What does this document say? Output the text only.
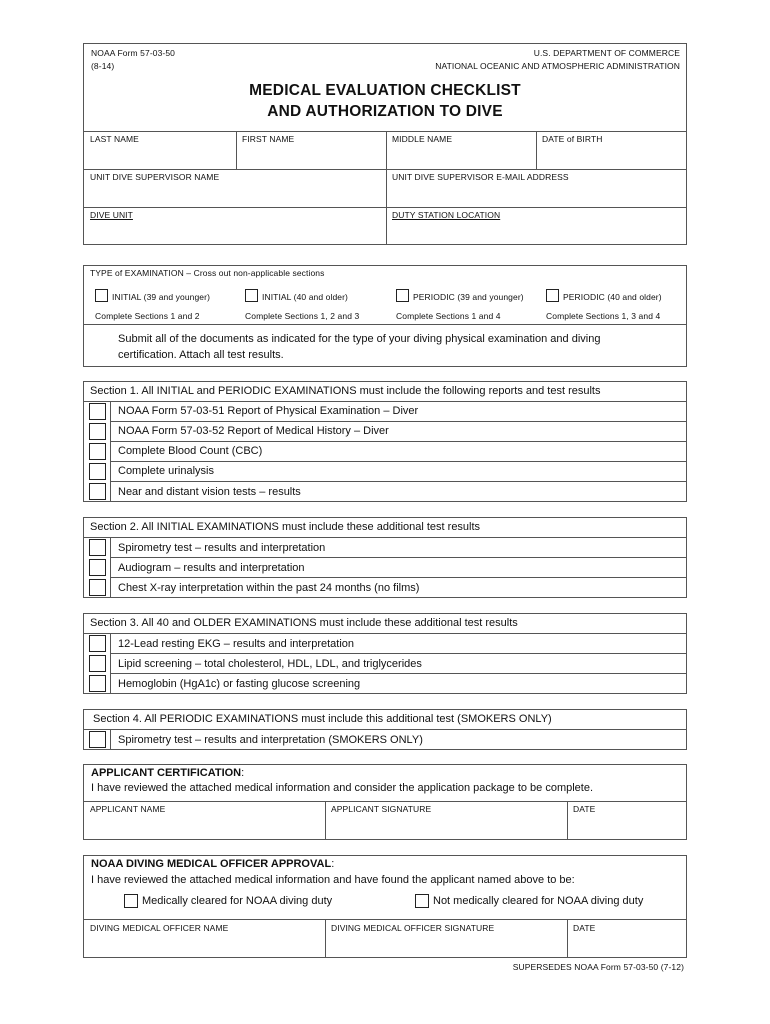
NOAA Form 57-03-50
(8-14)
U.S. DEPARTMENT OF COMMERCE
NATIONAL OCEANIC AND ATMOSPHERIC ADMINISTRATION
MEDICAL EVALUATION CHECKLIST
AND AUTHORIZATION TO DIVE
LAST NAME	FIRST NAME	MIDDLE NAME	DATE of BIRTH
UNIT DIVE SUPERVISOR NAME	UNIT DIVE SUPERVISOR E-MAIL ADDRESS
DIVE UNIT	DUTY STATION LOCATION
TYPE of EXAMINATION – Cross out non-applicable sections
INITIAL (39 and younger)
Complete Sections 1 and 2
INITIAL (40 and older)
Complete Sections 1, 2 and 3
PERIODIC (39 and younger)
Complete Sections 1 and 4
PERIODIC (40 and older)
Complete Sections 1, 3 and 4
Submit all of the documents as indicated for the type of your diving physical examination and diving
certification. Attach all test results.
Section 1. All INITIAL and PERIODIC EXAMINATIONS must include the following reports and test results
NOAA Form 57-03-51 Report of Physical Examination – Diver
NOAA Form 57-03-52 Report of Medical History – Diver
Complete Blood Count (CBC)
Complete urinalysis
Near and distant vision tests – results
Section 2. All INITIAL EXAMINATIONS must include these additional test results
Spirometry test – results and interpretation
Audiogram – results and interpretation
Chest X-ray interpretation within the past 24 months (no films)
Section 3. All 40 and OLDER EXAMINATIONS must include these additional test results
12-Lead resting EKG – results and interpretation
Lipid screening – total cholesterol, HDL, LDL, and triglycerides
Hemoglobin (HgA1c) or fasting glucose screening
Section 4. All PERIODIC EXAMINATIONS must include this additional test (SMOKERS ONLY)
Spirometry test – results and interpretation (SMOKERS ONLY)
APPLICANT CERTIFICATION:
I have reviewed the attached medical information and consider the application package to be complete.
APPLICANT NAME	APPLICANT SIGNATURE	DATE
NOAA DIVING MEDICAL OFFICER APPROVAL:
I have reviewed the attached medical information and have found the applicant named above to be:
Medically cleared for NOAA diving duty	Not medically cleared for NOAA diving duty
DIVING MEDICAL OFFICER NAME	DIVING MEDICAL OFFICER SIGNATURE	DATE
SUPERSEDES NOAA Form 57-03-50 (7-12)
